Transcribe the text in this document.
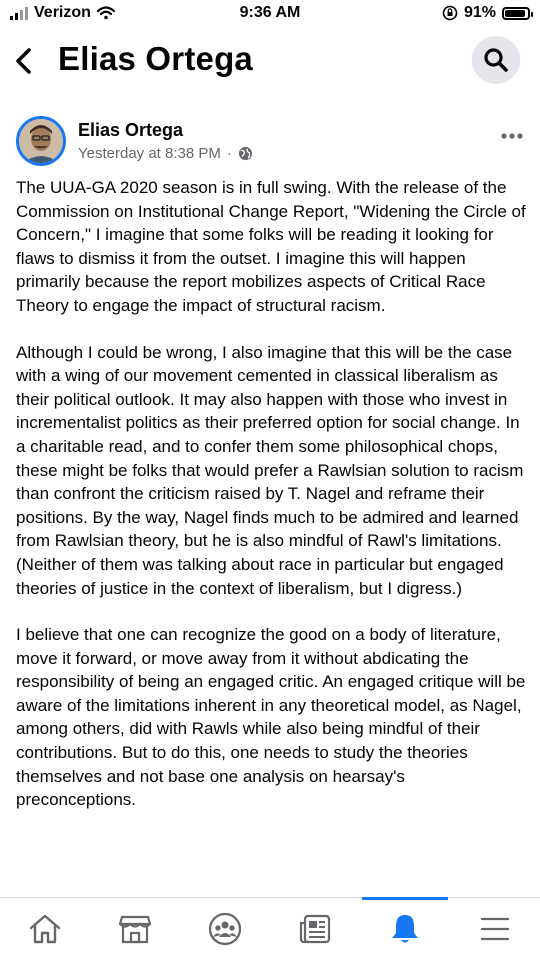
Verizon	9:36 AM	91%
Elias Ortega
Elias Ortega
Yesterday at 8:38 PM ·

The UUA-GA 2020 season is in full swing. With the release of the Commission on Institutional Change Report, "Widening the Circle of Concern," I imagine that some folks will be reading it looking for flaws to dismiss it from the outset. I imagine this will happen primarily because the report mobilizes aspects of Critical Race Theory to engage the impact of structural racism.

Although I could be wrong, I also imagine that this will be the case with a wing of our movement cemented in classical liberalism as their political outlook. It may also happen with those who invest in incrementalist politics as their preferred option for social change. In a charitable read, and to confer them some philosophical chops, these might be folks that would prefer a Rawlsian solution to racism than confront the criticism raised by T. Nagel and reframe their positions. By the way, Nagel finds much to be admired and learned from Rawlsian theory, but he is also mindful of Rawl's limitations. (Neither of them was talking about race in particular but engaged theories of justice in the context of liberalism, but I digress.)

I believe that one can recognize the good on a body of literature, move it forward, or move away from it without abdicating the responsibility of being an engaged critic. An engaged critique will be aware of the limitations inherent in any theoretical model, as Nagel, among others, did with Rawls while also being mindful of their contributions. But to do this, one needs to study the theories themselves and not base one analysis on hearsay's preconceptions.
